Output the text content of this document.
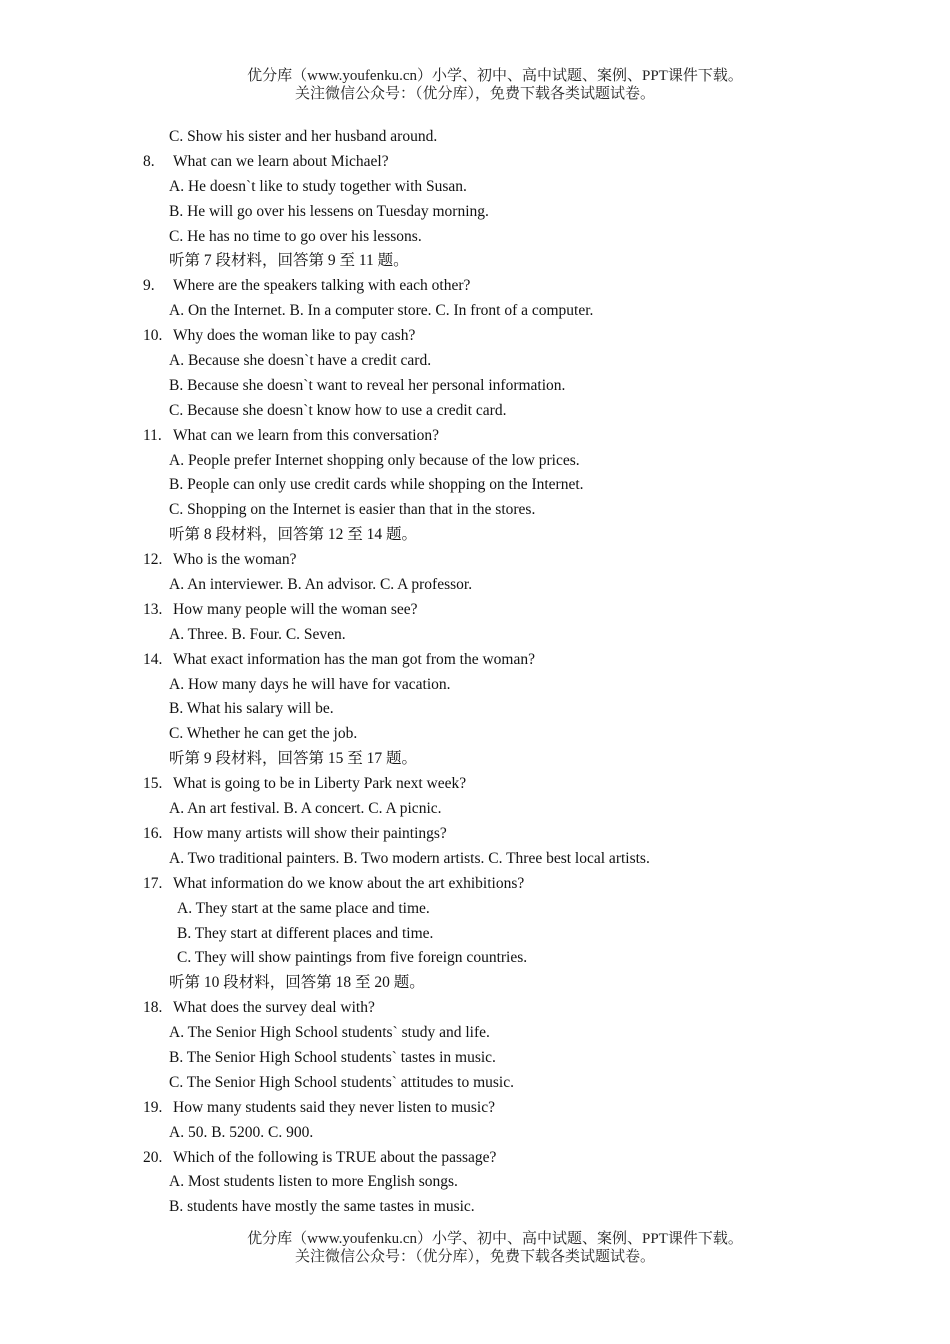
优分库（www.youfenku.cn）小学、初中、高中试题、案例、PPT课件下载。
关注微信公众号：（优分库），免费下载各类试题试卷。
C. Show his sister and her husband around.
8. What can we learn about Michael?
A. He doesn`t like to study together with Susan.
B. He will go over his lessens on Tuesday morning.
C. He has no time to go over his lessons.
听第 7 段材料，回答第 9 至 11 题。
9. Where are the speakers talking with each other?
A. On the Internet. B. In a computer store. C. In front of a computer.
10. Why does the woman like to pay cash?
A. Because she doesn`t have a credit card.
B. Because she doesn`t want to reveal her personal information.
C. Because she doesn`t know how to use a credit card.
11. What can we learn from this conversation?
A. People prefer Internet shopping only because of the low prices.
B. People can only use credit cards while shopping on the Internet.
C. Shopping on the Internet is easier than that in the stores.
听第 8 段材料，回答第 12 至 14 题。
12. Who is the woman?
A. An interviewer. B. An advisor. C. A professor.
13. How many people will the woman see?
A. Three. B. Four. C. Seven.
14. What exact information has the man got from the woman?
A. How many days he will have for vacation.
B. What his salary will be.
C. Whether he can get the job.
听第 9 段材料，回答第 15 至 17 题。
15. What is going to be in Liberty Park next week?
A. An art festival. B. A concert. C. A picnic.
16. How many artists will show their paintings?
A. Two traditional painters. B. Two modern artists. C. Three best local artists.
17. What information do we know about the art exhibitions?
A. They start at the same place and time.
B. They start at different places and time.
C. They will show paintings from five foreign countries.
听第 10 段材料，回答第 18 至 20 题。
18. What does the survey deal with?
A. The Senior High School students` study and life.
B. The Senior High School students` tastes in music.
C. The Senior High School students` attitudes to music.
19. How many students said they never listen to music?
A. 50. B. 5200. C. 900.
20. Which of the following is TRUE about the passage?
A. Most students listen to more English songs.
B. students have mostly the same tastes in music.
优分库（www.youfenku.cn）小学、初中、高中试题、案例、PPT课件下载。
关注微信公众号：（优分库），免费下载各类试题试卷。
